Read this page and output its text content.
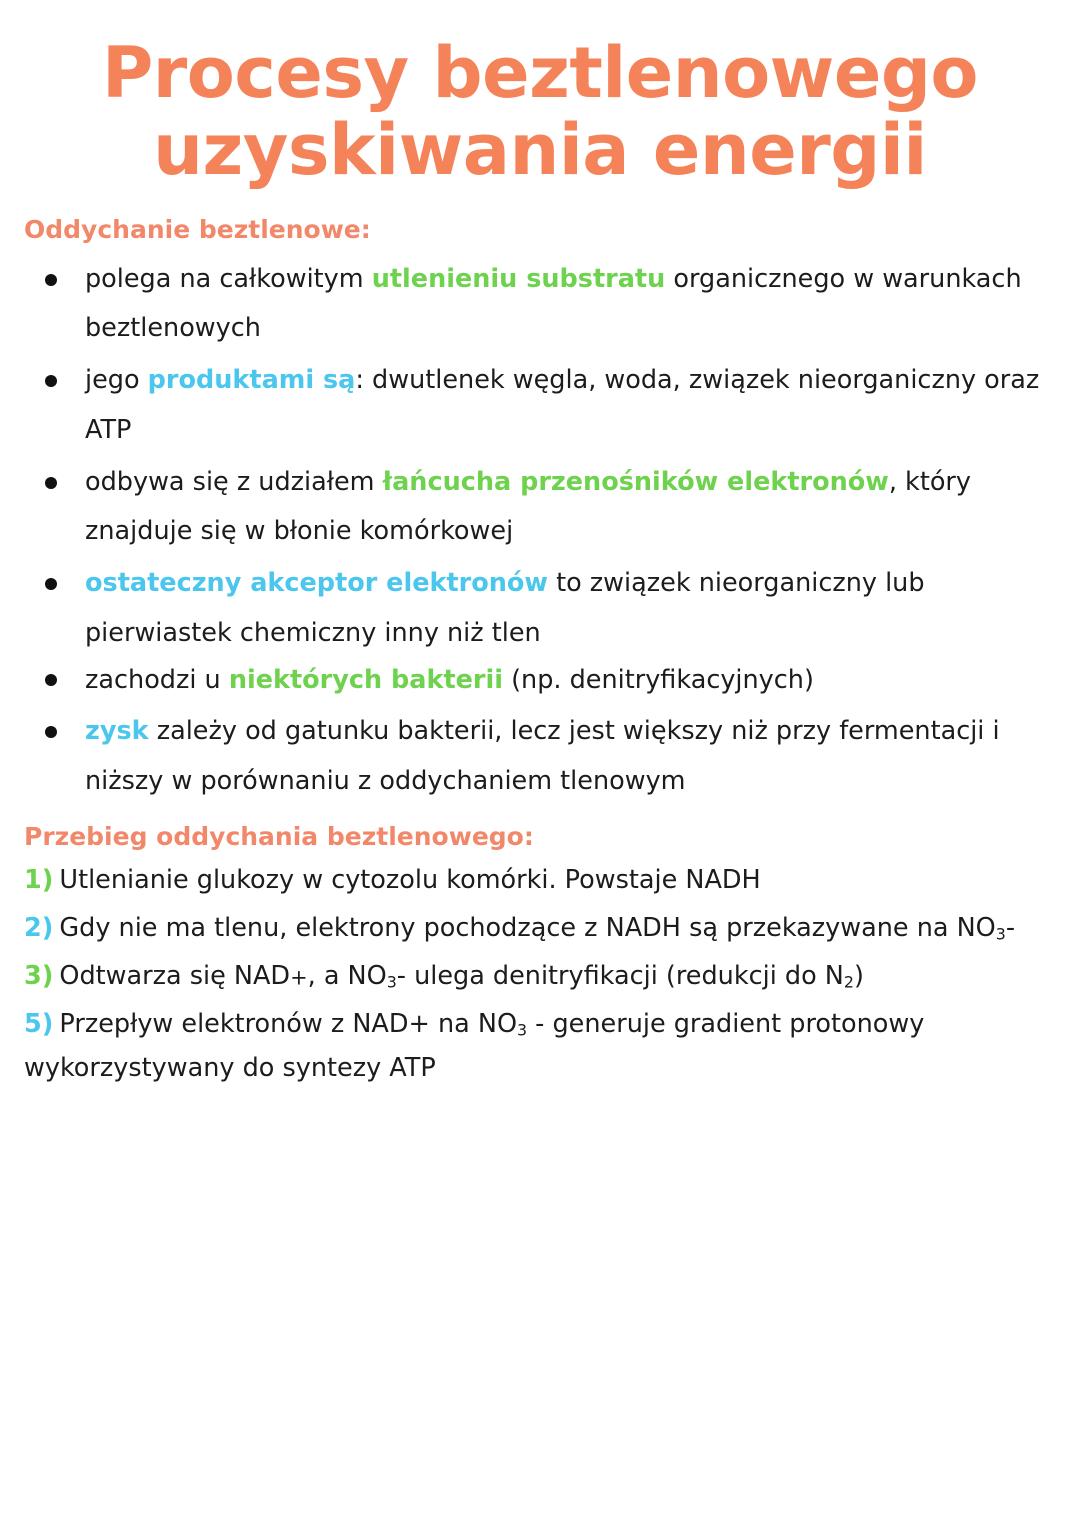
Procesy beztlenowego
uzyskiwania energii
Oddychanie beztlenowe:
polega na całkowitym utlenieniu substratu organicznego w warunkach beztlenowych
jego produktami są: dwutlenek węgla, woda, związek nieorganiczny oraz ATP
odbywa się z udziałem łańcucha przenośników elektronów, który znajduje się w błonie komórkowej
ostateczny akceptor elektronów to związek nieorganiczny lub pierwiastek chemiczny inny niż tlen
zachodzi u niektórych bakterii (np. denitryfikacyjnych)
zysk zależy od gatunku bakterii, lecz jest większy niż przy fermentacji i niższy w porównaniu z oddychaniem tlenowym
Przebieg oddychania beztlenowego:
1) Utlenianie glukozy w cytozolu komórki. Powstaje NADH
2) Gdy nie ma tlenu, elektrony pochodzące z NADH są przekazywane na $NO_3-$
3) Odtwarza się NAD+, a $NO_3-$ ulega denitryfikacji (redukcji do $N_2$)
5) Przepływ elektronów z NAD+ na $NO_3$ - generuje gradient protonowy wykorzystywany do syntezy ATP
